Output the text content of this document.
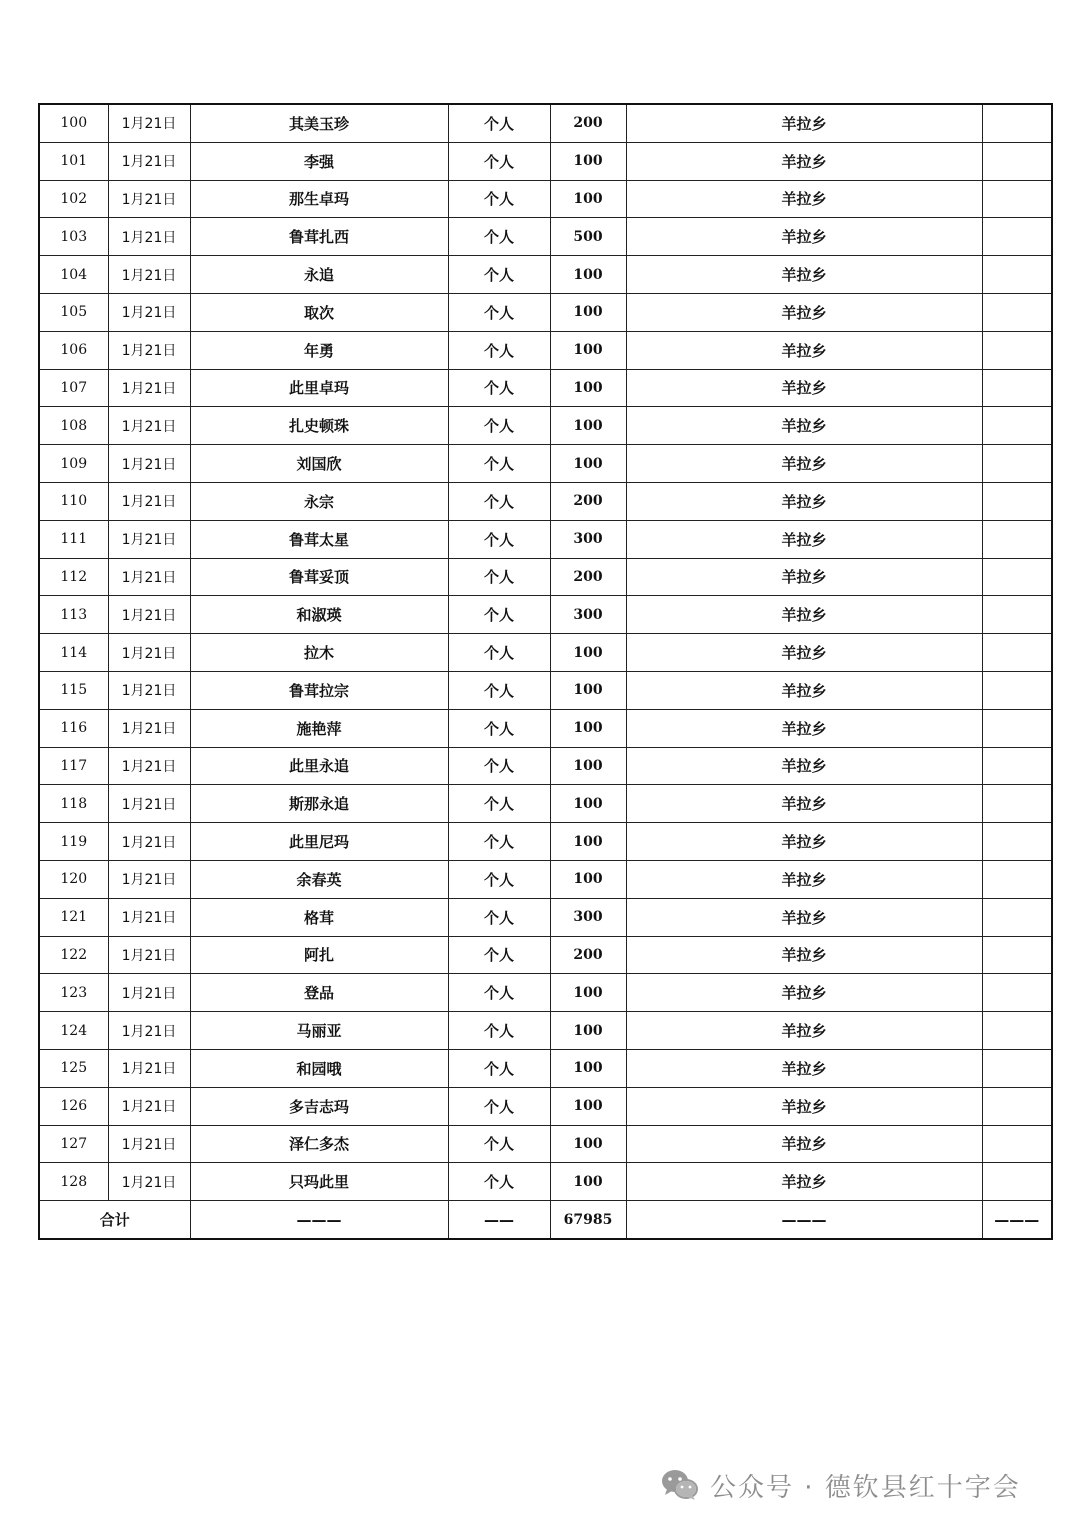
100	1月21日	其美玉珍	个人	200	羊拉乡	
101	1月21日	李强	个人	100	羊拉乡	
102	1月21日	那生卓玛	个人	100	羊拉乡	
103	1月21日	鲁茸扎西	个人	500	羊拉乡	
104	1月21日	永追	个人	100	羊拉乡	
105	1月21日	取次	个人	100	羊拉乡	
106	1月21日	年勇	个人	100	羊拉乡	
107	1月21日	此里卓玛	个人	100	羊拉乡	
108	1月21日	扎史顿珠	个人	100	羊拉乡	
109	1月21日	刘国欣	个人	100	羊拉乡	
110	1月21日	永宗	个人	200	羊拉乡	
111	1月21日	鲁茸太星	个人	300	羊拉乡	
112	1月21日	鲁茸妥顶	个人	200	羊拉乡	
113	1月21日	和淑瑛	个人	300	羊拉乡	
114	1月21日	拉木	个人	100	羊拉乡	
115	1月21日	鲁茸拉宗	个人	100	羊拉乡	
116	1月21日	施艳萍	个人	100	羊拉乡	
117	1月21日	此里永追	个人	100	羊拉乡	
118	1月21日	斯那永追	个人	100	羊拉乡	
119	1月21日	此里尼玛	个人	100	羊拉乡	
120	1月21日	余春英	个人	100	羊拉乡	
121	1月21日	格茸	个人	300	羊拉乡	
122	1月21日	阿扎	个人	200	羊拉乡	
123	1月21日	登品	个人	100	羊拉乡	
124	1月21日	马丽亚	个人	100	羊拉乡	
125	1月21日	和园哦	个人	100	羊拉乡	
126	1月21日	多吉志玛	个人	100	羊拉乡	
127	1月21日	泽仁多杰	个人	100	羊拉乡	
128	1月21日	只玛此里	个人	100	羊拉乡	
合计		———	——	67985	———	———
公众号 · 德钦县红十字会
